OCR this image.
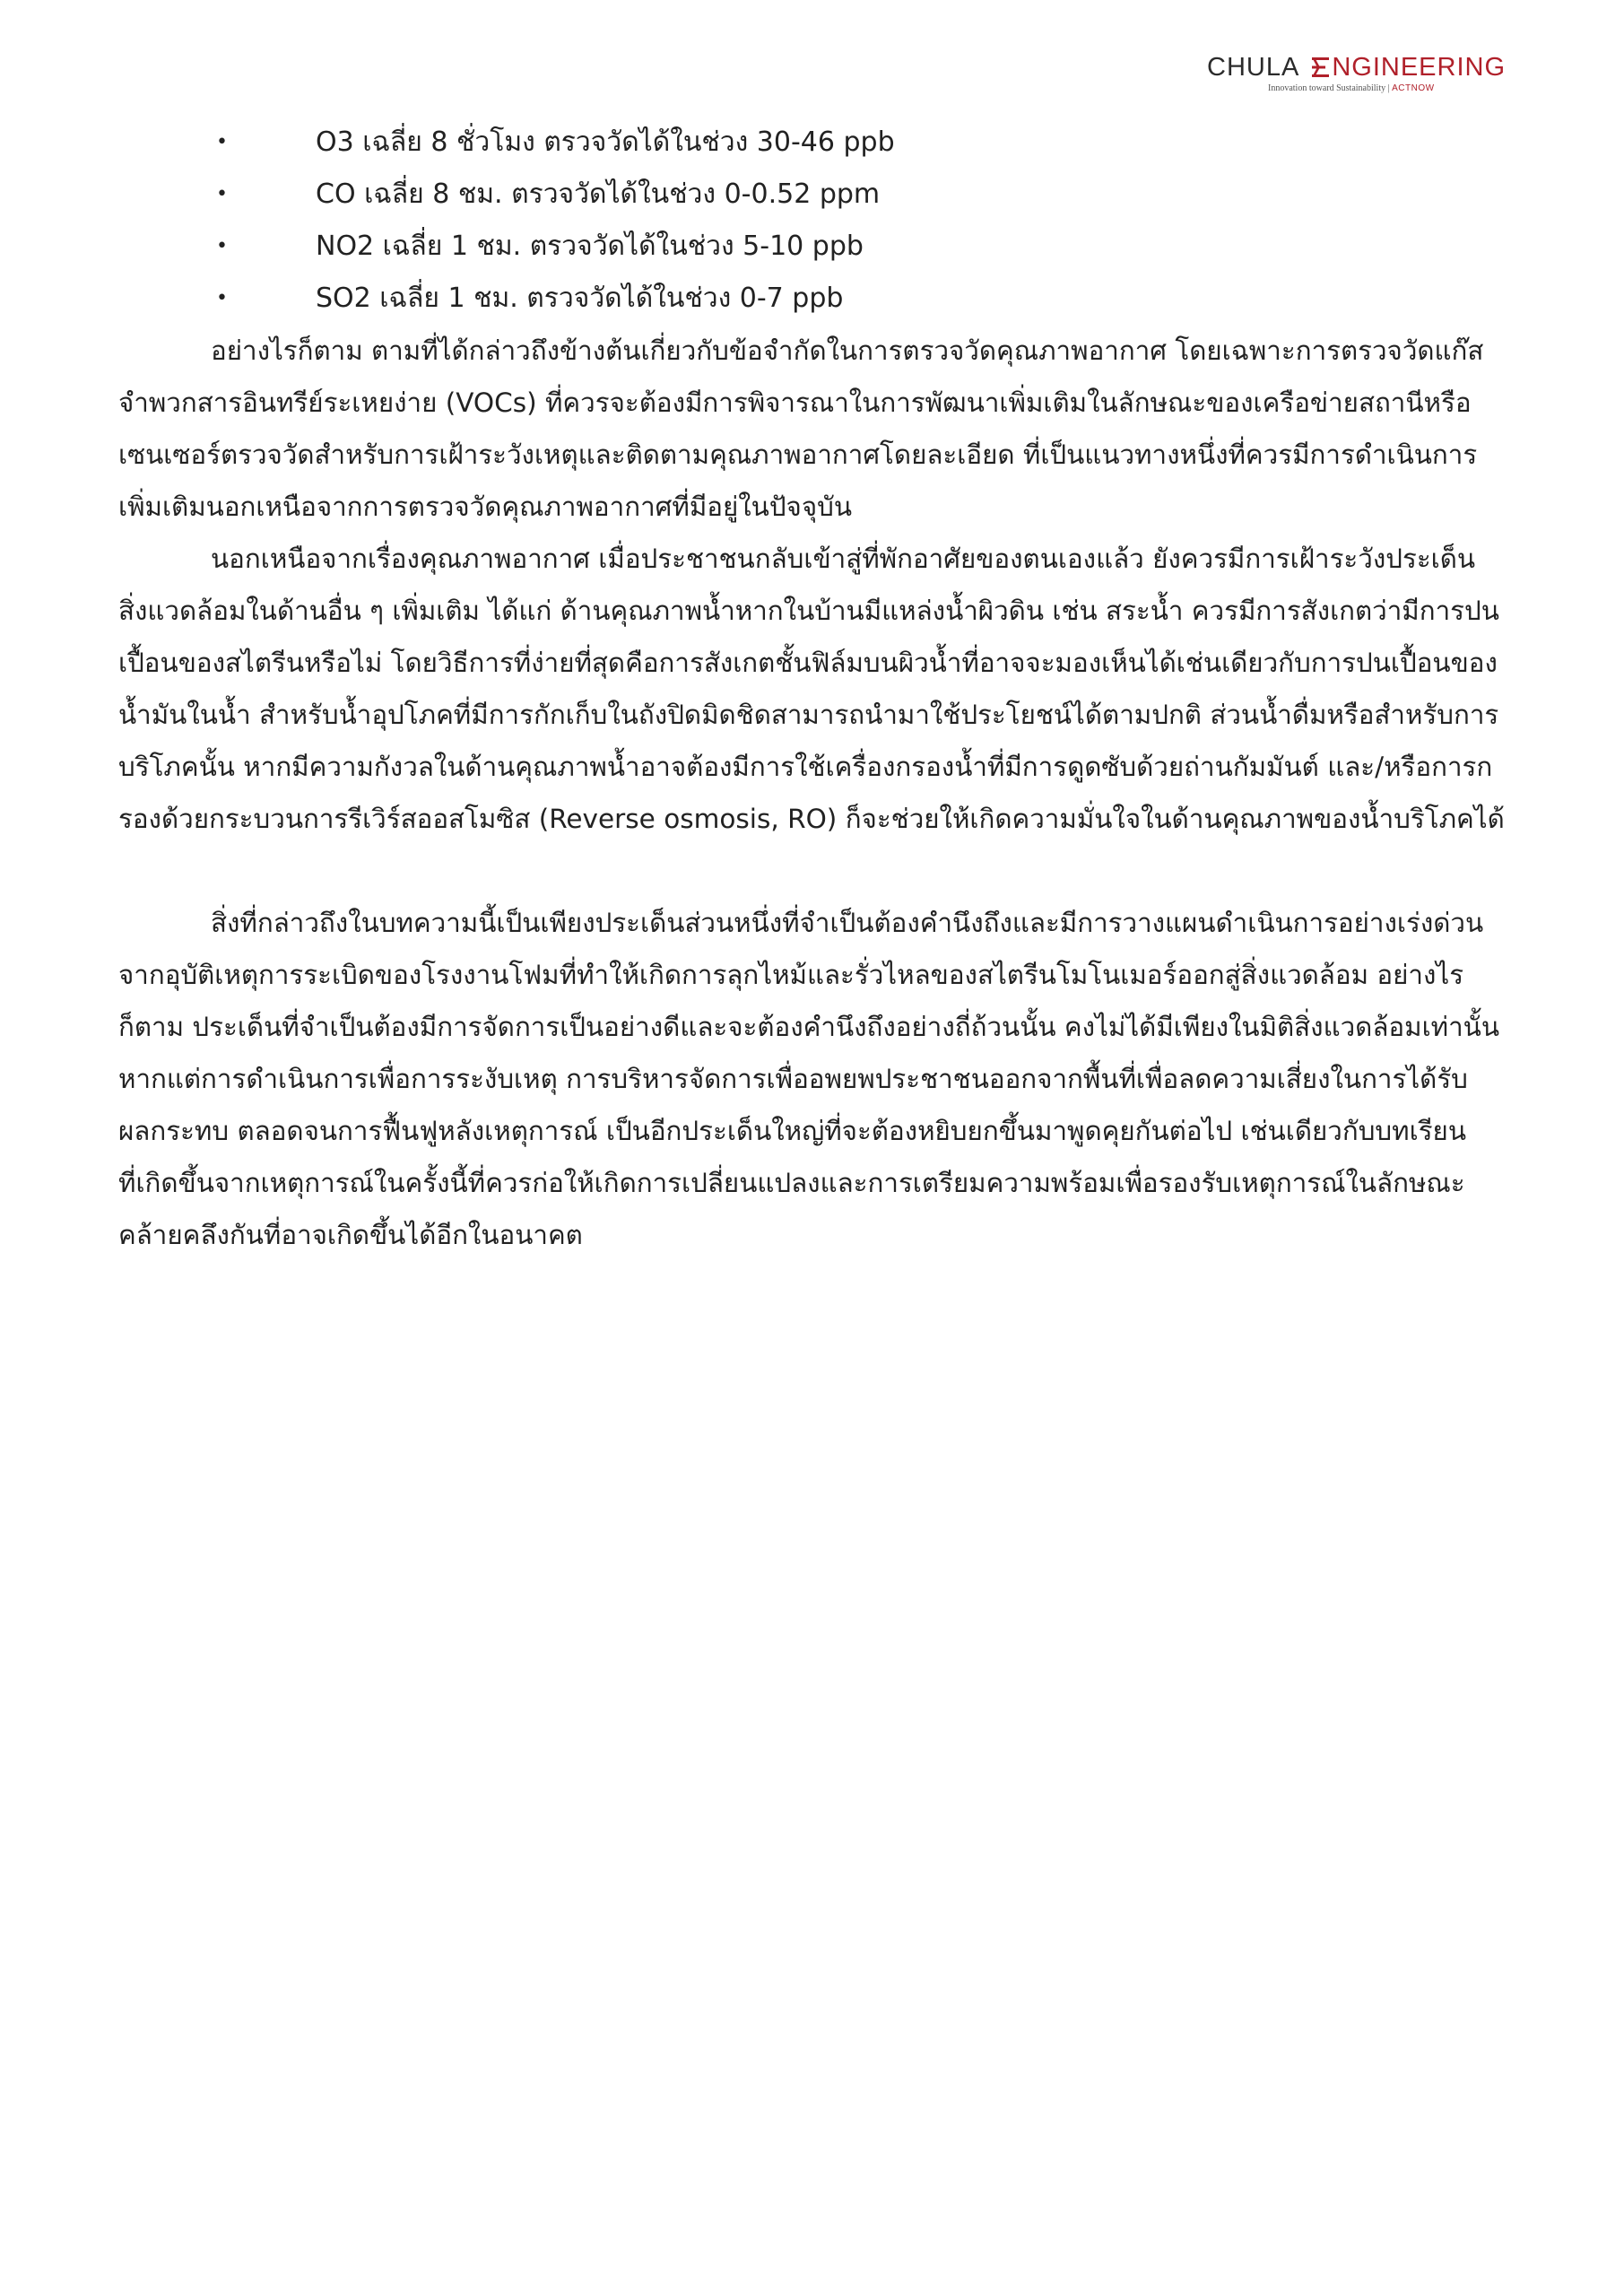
CHULA NGINEERING
Innovation toward Sustainability | ACTNOW
•	O3 เฉลี่ย 8 ชั่วโมง ตรวจวัดได้ในช่วง 30-46 ppb
•	CO เฉลี่ย 8 ชม. ตรวจวัดได้ในช่วง 0-0.52 ppm
•	NO2 เฉลี่ย 1 ชม. ตรวจวัดได้ในช่วง 5-10 ppb
•	SO2 เฉลี่ย 1 ชม. ตรวจวัดได้ในช่วง 0-7 ppb

อย่างไรก็ตาม ตามที่ได้กล่าวถึงข้างต้นเกี่ยวกับข้อจำกัดในการตรวจวัดคุณภาพอากาศ โดยเฉพาะการตรวจวัดแก๊ส
จำพวกสารอินทรีย์ระเหยง่าย (VOCs) ที่ควรจะต้องมีการพิจารณาในการพัฒนาเพิ่มเติมในลักษณะของเครือข่ายสถานีหรือ
เซนเซอร์ตรวจวัดสำหรับการเฝ้าระวังเหตุและติดตามคุณภาพอากาศโดยละเอียด ที่เป็นแนวทางหนึ่งที่ควรมีการดำเนินการ
เพิ่มเติมนอกเหนือจากการตรวจวัดคุณภาพอากาศที่มีอยู่ในปัจจุบัน

นอกเหนือจากเรื่องคุณภาพอากาศ เมื่อประชาชนกลับเข้าสู่ที่พักอาศัยของตนเองแล้ว ยังควรมีการเฝ้าระวังประเด็น
สิ่งแวดล้อมในด้านอื่น ๆ เพิ่มเติม ได้แก่ ด้านคุณภาพน้ำหากในบ้านมีแหล่งน้ำผิวดิน เช่น สระน้ำ ควรมีการสังเกตว่ามีการปน
เปื้อนของสไตรีนหรือไม่ โดยวิธีการที่ง่ายที่สุดคือการสังเกตชั้นฟิล์มบนผิวน้ำที่อาจจะมองเห็นได้เช่นเดียวกับการปนเปื้อนของ
น้ำมันในน้ำ สำหรับน้ำอุปโภคที่มีการกักเก็บในถังปิดมิดชิดสามารถนำมาใช้ประโยชน์ได้ตามปกติ ส่วนน้ำดื่มหรือสำหรับการ
บริโภคนั้น หากมีความกังวลในด้านคุณภาพน้ำอาจต้องมีการใช้เครื่องกรองน้ำที่มีการดูดซับด้วยถ่านกัมมันต์ และ/หรือการก
รองด้วยกระบวนการรีเวิร์สออสโมซิส (Reverse osmosis, RO) ก็จะช่วยให้เกิดความมั่นใจในด้านคุณภาพของน้ำบริโภคได้

สิ่งที่กล่าวถึงในบทความนี้เป็นเพียงประเด็นส่วนหนึ่งที่จำเป็นต้องคำนึงถึงและมีการวางแผนดำเนินการอย่างเร่งด่วน
จากอุบัติเหตุการระเบิดของโรงงานโฟมที่ทำให้เกิดการลุกไหม้และรั่วไหลของสไตรีนโมโนเมอร์ออกสู่สิ่งแวดล้อม อย่างไร
ก็ตาม ประเด็นที่จำเป็นต้องมีการจัดการเป็นอย่างดีและจะต้องคำนึงถึงอย่างถี่ถ้วนนั้น คงไม่ได้มีเพียงในมิติสิ่งแวดล้อมเท่านั้น
หากแต่การดำเนินการเพื่อการระงับเหตุ การบริหารจัดการเพื่ออพยพประชาชนออกจากพื้นที่เพื่อลดความเสี่ยงในการได้รับ
ผลกระทบ ตลอดจนการฟื้นฟูหลังเหตุการณ์ เป็นอีกประเด็นใหญ่ที่จะต้องหยิบยกขึ้นมาพูดคุยกันต่อไป เช่นเดียวกับบทเรียน
ที่เกิดขึ้นจากเหตุการณ์ในครั้งนี้ที่ควรก่อให้เกิดการเปลี่ยนแปลงและการเตรียมความพร้อมเพื่อรองรับเหตุการณ์ในลักษณะ
คล้ายคลึงกันที่อาจเกิดขึ้นได้อีกในอนาคต
